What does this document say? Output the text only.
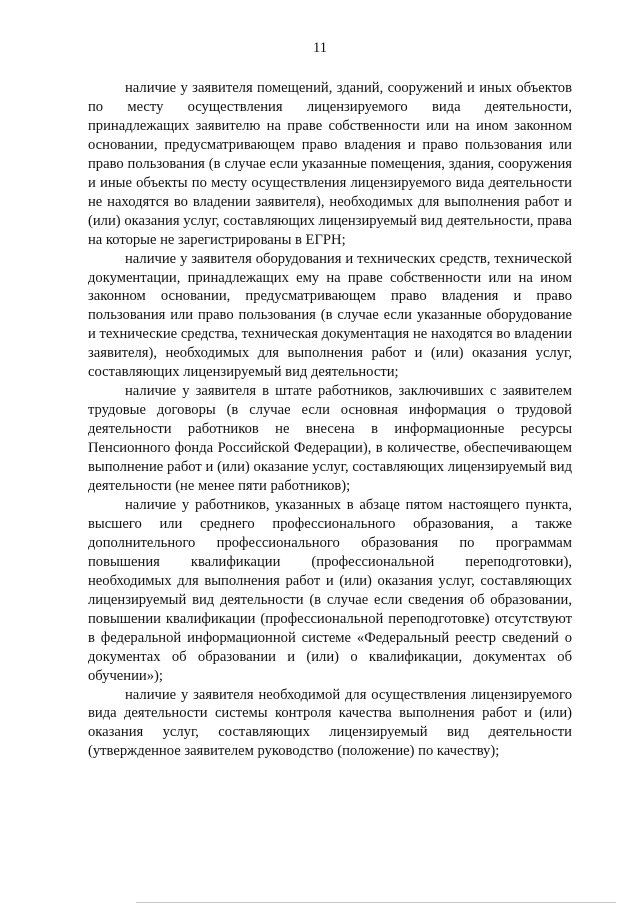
11

наличие у заявителя помещений, зданий, сооружений и иных объектов по месту осуществления лицензируемого вида деятельности, принадлежащих заявителю на праве собственности или на ином законном основании, предусматривающем право владения и право пользования или право пользования (в случае если указанные помещения, здания, сооружения и иные объекты по месту осуществления лицензируемого вида деятельности не находятся во владении заявителя), необходимых для выполнения работ и (или) оказания услуг, составляющих лицензируемый вид деятельности, права на которые не зарегистрированы в ЕГРН;

наличие у заявителя оборудования и технических средств, технической документации, принадлежащих ему на праве собственности или на ином законном основании, предусматривающем право владения и право пользования или право пользования (в случае если указанные оборудование и технические средства, техническая документация не находятся во владении заявителя), необходимых для выполнения работ и (или) оказания услуг, составляющих лицензируемый вид деятельности;

наличие у заявителя в штате работников, заключивших с заявителем трудовые договоры (в случае если основная информация о трудовой деятельности работников не внесена в информационные ресурсы Пенсионного фонда Российской Федерации), в количестве, обеспечивающем выполнение работ и (или) оказание услуг, составляющих лицензируемый вид деятельности (не менее пяти работников);

наличие у работников, указанных в абзаце пятом настоящего пункта, высшего или среднего профессионального образования, а также дополнительного профессионального образования по программам повышения квалификации (профессиональной переподготовки), необходимых для выполнения работ и (или) оказания услуг, составляющих лицензируемый вид деятельности (в случае если сведения об образовании, повышении квалификации (профессиональной переподготовке) отсутствуют в федеральной информационной системе «Федеральный реестр сведений о документах об образовании и (или) о квалификации, документах об обучении»);

наличие у заявителя необходимой для осуществления лицензируемого вида деятельности системы контроля качества выполнения работ и (или) оказания услуг, составляющих лицензируемый вид деятельности (утвержденное заявителем руководство (положение) по качеству);
